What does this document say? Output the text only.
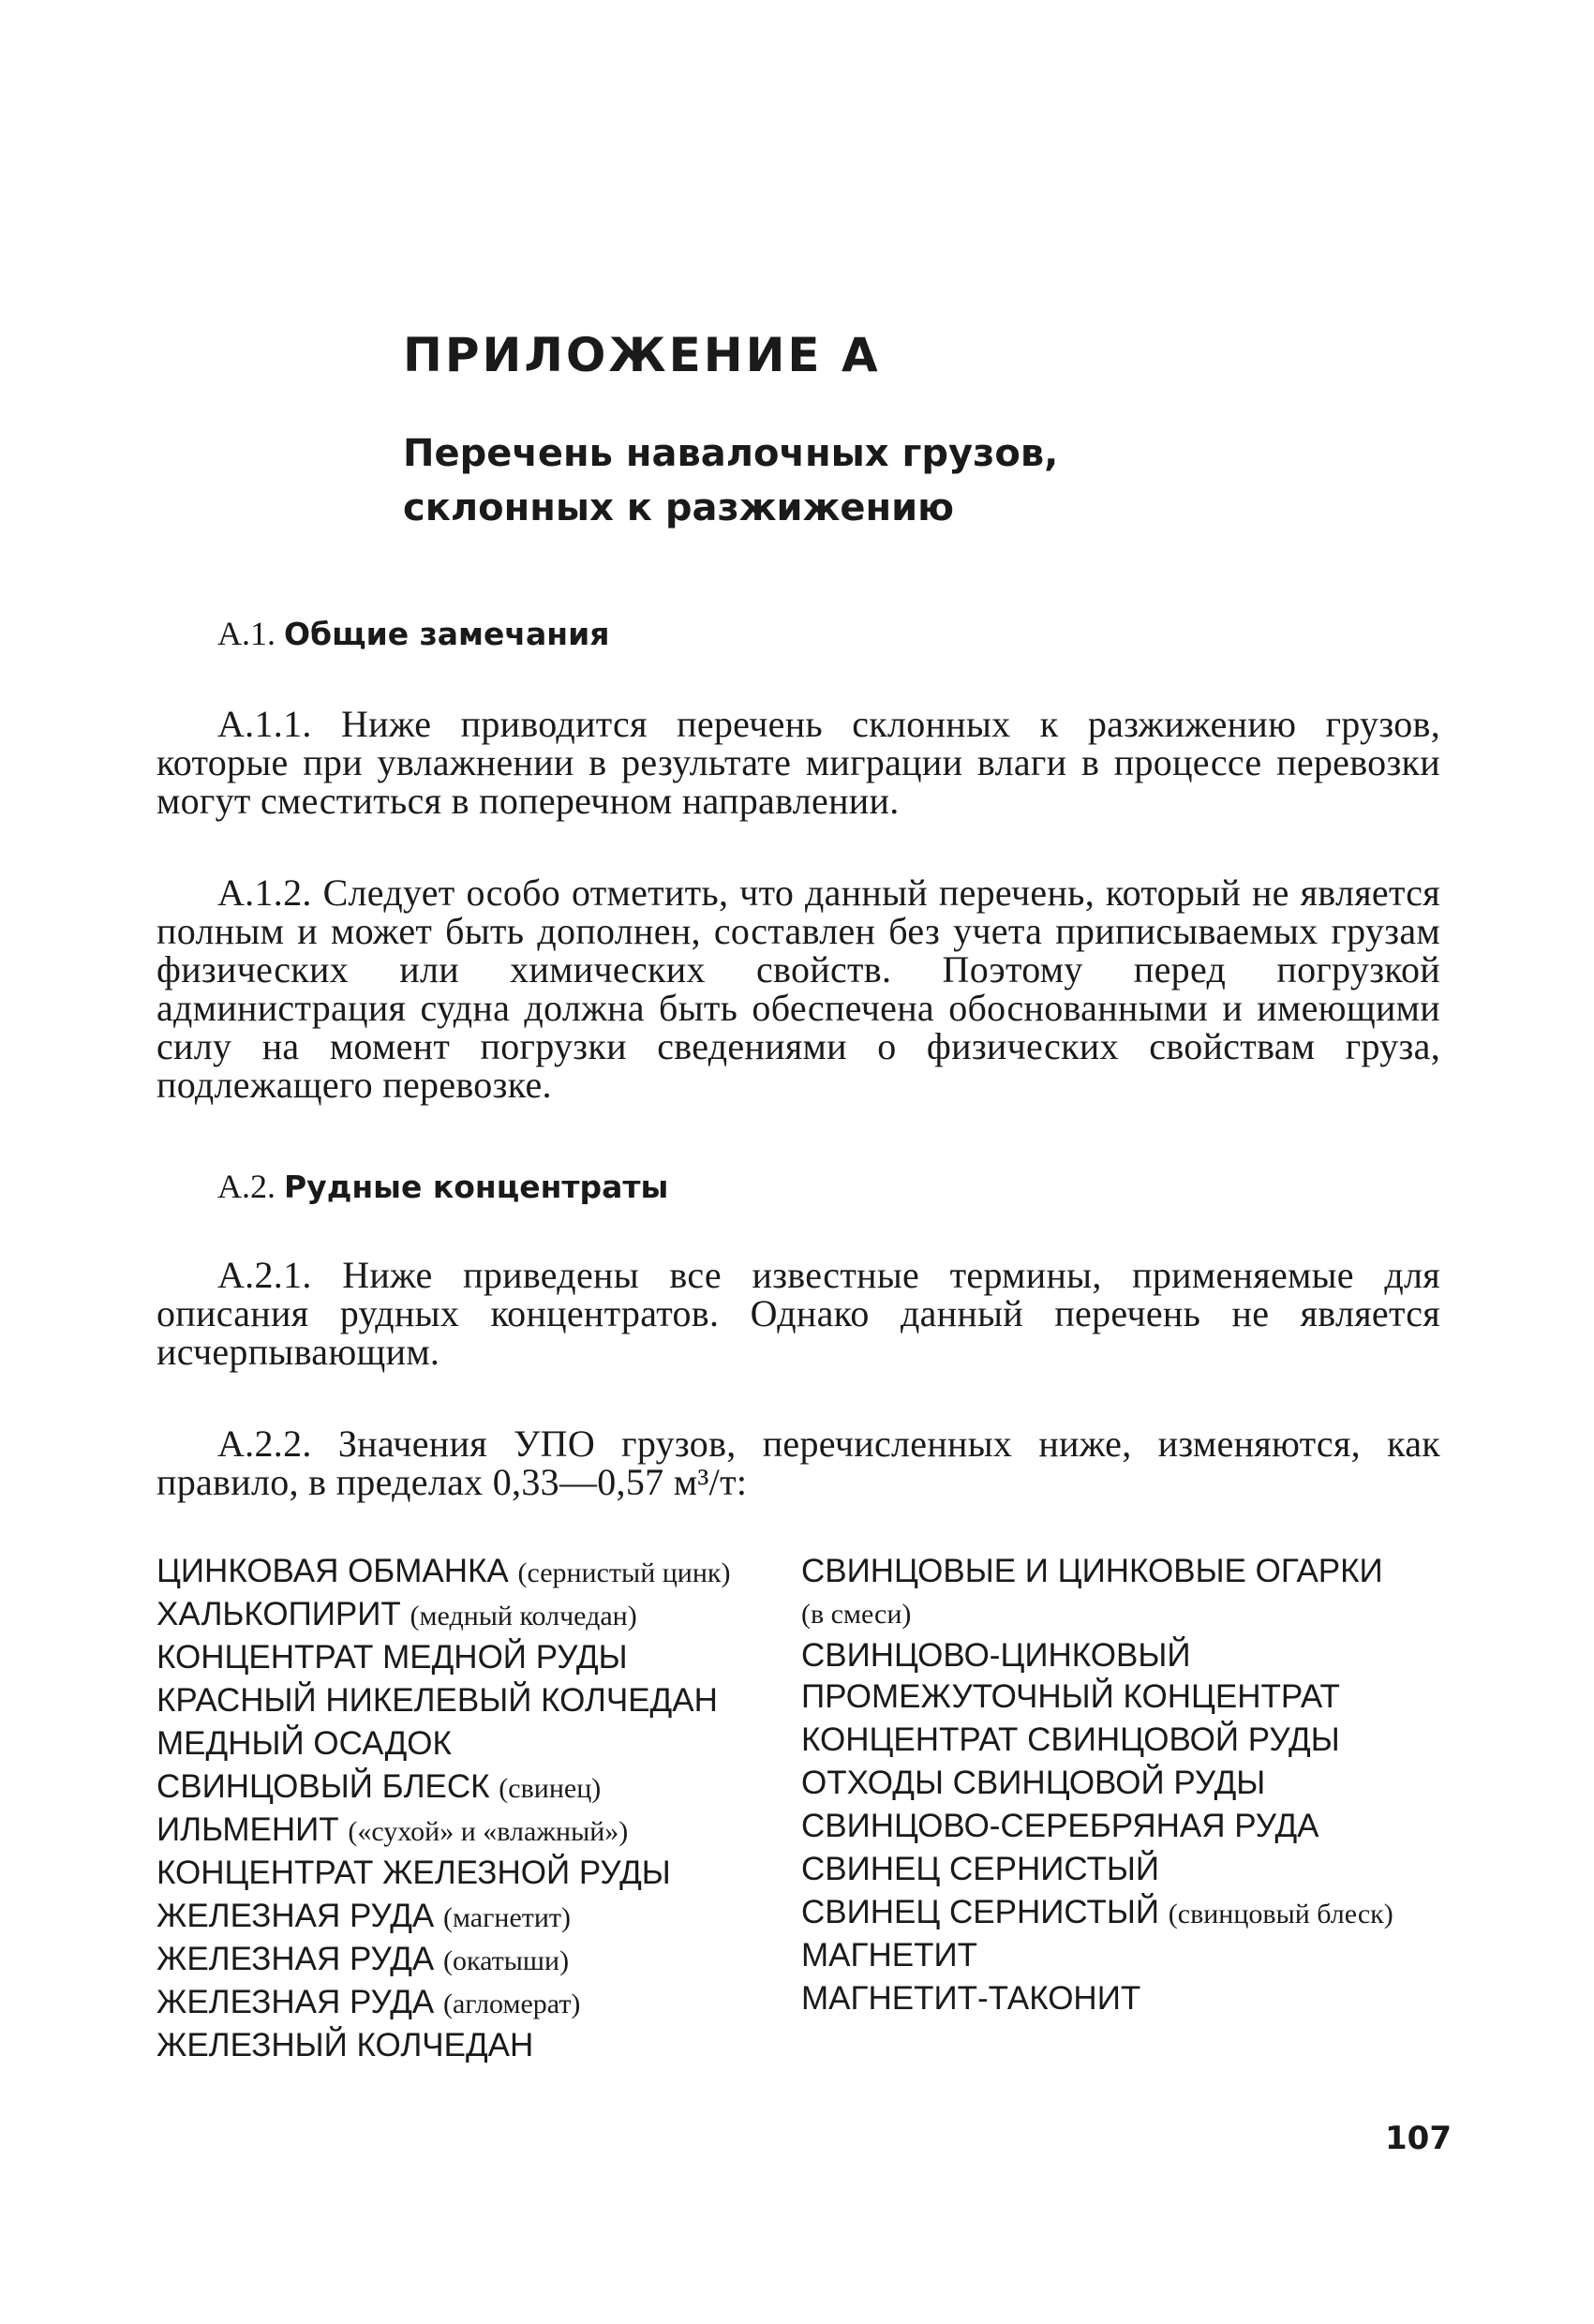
ПРИЛОЖЕНИЕ А
Перечень навалочных грузов,
склонных к разжижению
А.1. Общие замечания

А.1.1. Ниже приводится перечень склонных к разжижению грузов, которые при увлажнении в результате миграции влаги в процессе перевозки могут сместиться в поперечном направлении.

А.1.2. Следует особо отметить, что данный перечень, который не является полным и может быть дополнен, составлен без учета приписываемых грузам физических или химических свойств. Поэтому перед погрузкой администрация судна должна быть обеспечена обоснованными и имеющими силу на момент погрузки сведениями о физических свойствам груза, подлежащего перевозке.

А.2. Рудные концентраты

А.2.1. Ниже приведены все известные термины, применяемые для описания рудных концентратов. Однако данный перечень не является исчерпывающим.

А.2.2. Значения УПО грузов, перечисленных ниже, изменяются, как правило, в пределах 0,33—0,57 м³/т:

ЦИНКОВАЯ ОБМАНКА (сернистый цинк)
ХАЛЬКОПИРИТ (медный колчедан)
КОНЦЕНТРАТ МЕДНОЙ РУДЫ
КРАСНЫЙ НИКЕЛЕВЫЙ КОЛЧЕДАН
МЕДНЫЙ ОСАДОК
СВИНЦОВЫЙ БЛЕСК (свинец)
ИЛЬМЕНИТ («сухой» и «влажный»)
КОНЦЕНТРАТ ЖЕЛЕЗНОЙ РУДЫ
ЖЕЛЕЗНАЯ РУДА (магнетит)
ЖЕЛЕЗНАЯ РУДА (окатыши)
ЖЕЛЕЗНАЯ РУДА (агломерат)
ЖЕЛЕЗНЫЙ КОЛЧЕДАН
СВИНЦОВЫЕ И ЦИНКОВЫЕ ОГАРКИ (в смеси)
СВИНЦОВО-ЦИНКОВЫЙ ПРОМЕЖУТОЧНЫЙ КОНЦЕНТРАТ
КОНЦЕНТРАТ СВИНЦОВОЙ РУДЫ
ОТХОДЫ СВИНЦОВОЙ РУДЫ
СВИНЦОВО-СЕРЕБРЯНАЯ РУДА
СВИНЕЦ СЕРНИСТЫЙ
СВИНЕЦ СЕРНИСТЫЙ (свинцовый блеск)
МАГНЕТИТ
МАГНЕТИТ-ТАКОНИТ
107
